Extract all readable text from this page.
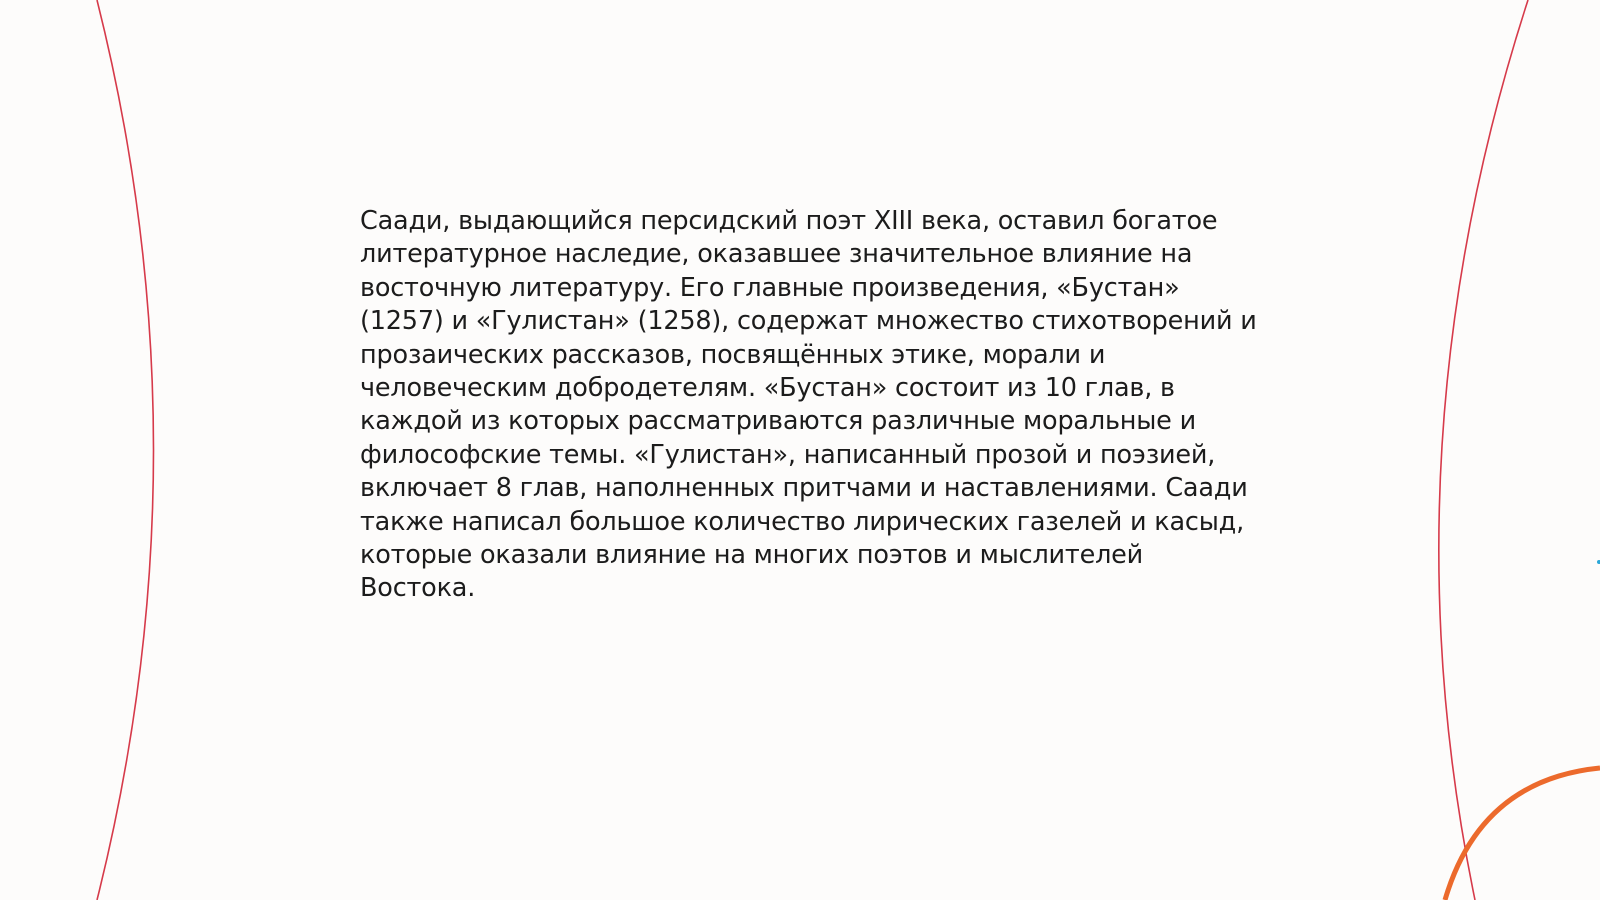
Саади, выдающийся персидский поэт XIII века, оставил богатое литературное наследие, оказавшее значительное влияние на восточную литературу. Его главные произведения, «Бустан» (1257) и «Гулистан» (1258), содержат множество стихотворений и прозаических рассказов, посвящённых этике, морали и человеческим добродетелям. «Бустан» состоит из 10 глав, в каждой из которых рассматриваются различные моральные и философские темы. «Гулистан», написанный прозой и поэзией, включает 8 глав, наполненных притчами и наставлениями. Саади также написал большое количество лирических газелей и касыд, которые оказали влияние на многих поэтов и мыслителей Востока.
